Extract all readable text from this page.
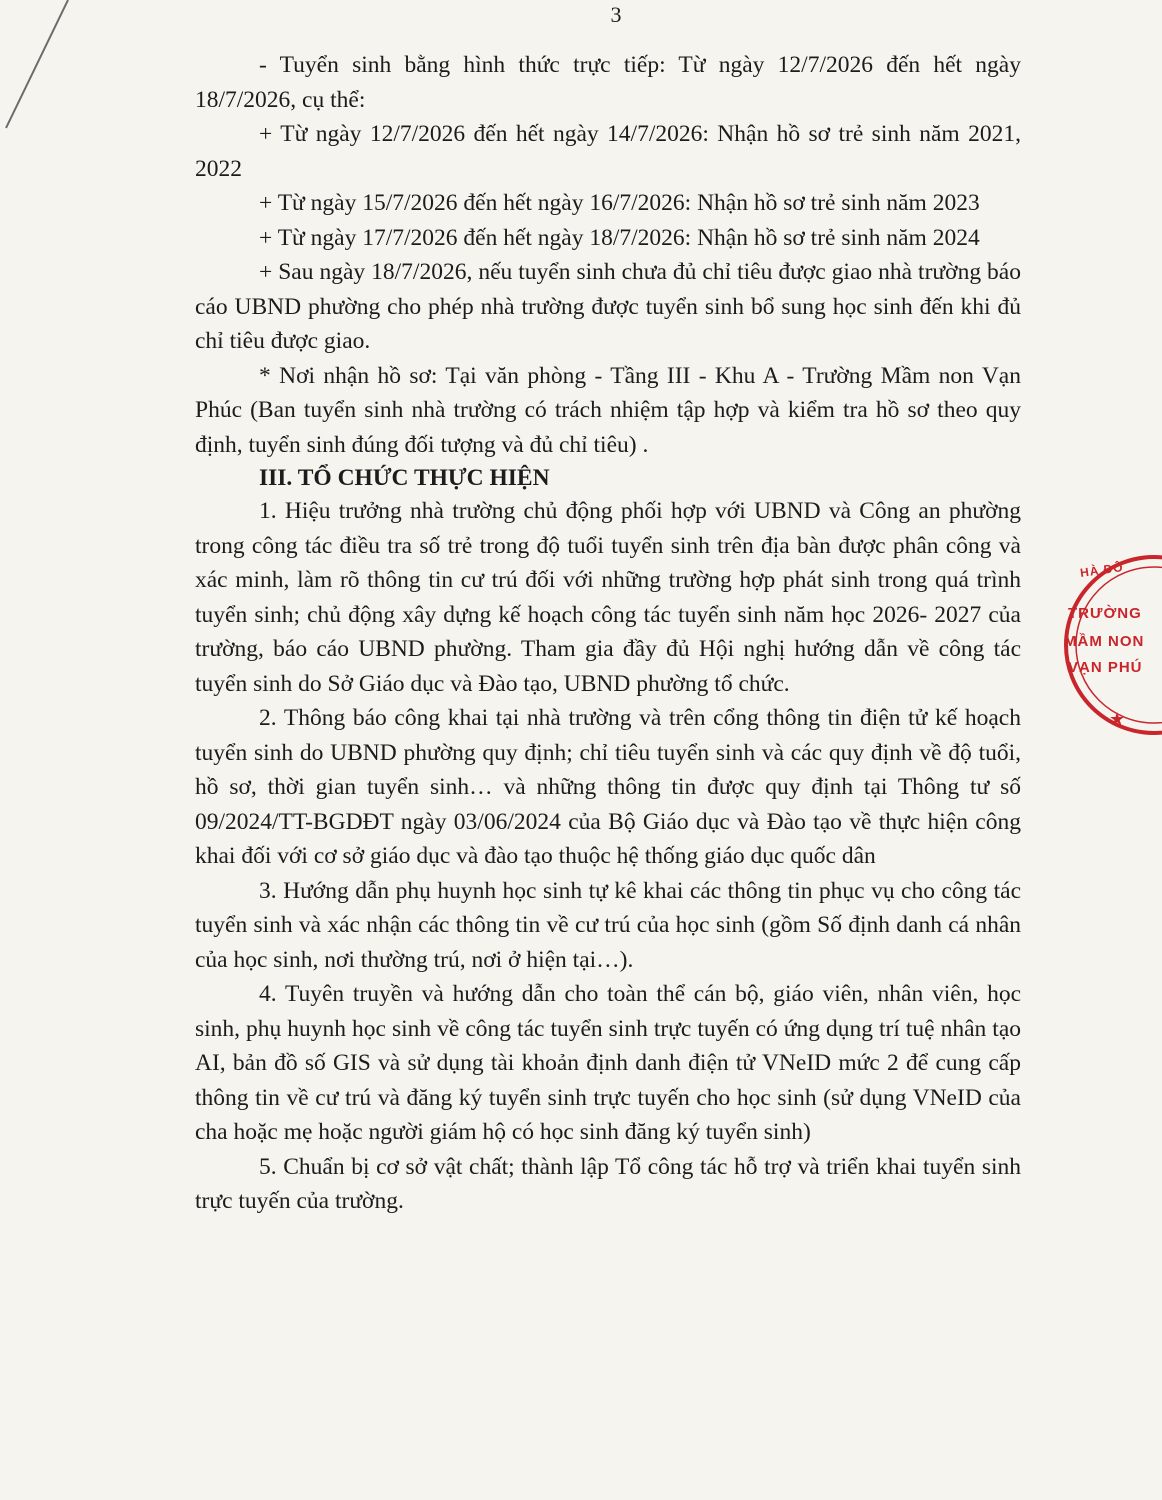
3

- Tuyển sinh bằng hình thức trực tiếp: Từ ngày 12/7/2026 đến hết ngày 18/7/2026, cụ thể:

+ Từ ngày 12/7/2026 đến hết ngày 14/7/2026: Nhận hồ sơ trẻ sinh năm 2021, 2022

+ Từ ngày 15/7/2026 đến hết ngày 16/7/2026: Nhận hồ sơ trẻ sinh năm 2023

+ Từ ngày 17/7/2026 đến hết ngày 18/7/2026: Nhận hồ sơ trẻ sinh năm 2024

+ Sau ngày 18/7/2026, nếu tuyển sinh chưa đủ chỉ tiêu được giao nhà trường báo cáo UBND phường cho phép nhà trường được tuyển sinh bổ sung học sinh đến khi đủ chỉ tiêu được giao.

* Nơi nhận hồ sơ: Tại văn phòng - Tầng III - Khu A - Trường Mầm non Vạn Phúc (Ban tuyển sinh nhà trường có trách nhiệm tập hợp và kiểm tra hồ sơ theo quy định, tuyển sinh đúng đối tượng và đủ chỉ tiêu) .

III. TỔ CHỨC THỰC HIỆN

1. Hiệu trưởng nhà trường chủ động phối hợp với UBND và Công an phường trong công tác điều tra số trẻ trong độ tuổi tuyển sinh trên địa bàn được phân công và xác minh, làm rõ thông tin cư trú đối với những trường hợp phát sinh trong quá trình tuyển sinh; chủ động xây dựng kế hoạch công tác tuyển sinh năm học 2026- 2027 của trường, báo cáo UBND phường. Tham gia đầy đủ Hội nghị hướng dẫn về công tác tuyển sinh do Sở Giáo dục và Đào tạo, UBND phường tổ chức.

2. Thông báo công khai tại nhà trường và trên cổng thông tin điện tử kế hoạch tuyển sinh do UBND phường quy định; chỉ tiêu tuyển sinh và các quy định về độ tuổi, hồ sơ, thời gian tuyển sinh… và những thông tin được quy định tại Thông tư số 09/2024/TT-BGDĐT ngày 03/06/2024 của Bộ Giáo dục và Đào tạo về thực hiện công khai đối với cơ sở giáo dục và đào tạo thuộc hệ thống giáo dục quốc dân

3. Hướng dẫn phụ huynh học sinh tự kê khai các thông tin phục vụ cho công tác tuyển sinh và xác nhận các thông tin về cư trú của học sinh (gồm Số định danh cá nhân của học sinh, nơi thường trú, nơi ở hiện tại…).

4. Tuyên truyền và hướng dẫn cho toàn thể cán bộ, giáo viên, nhân viên, học sinh, phụ huynh học sinh về công tác tuyển sinh trực tuyến có ứng dụng trí tuệ nhân tạo AI, bản đồ số GIS và sử dụng tài khoản định danh điện tử VNeID mức 2 để cung cấp thông tin về cư trú và đăng ký tuyển sinh trực tuyến cho học sinh (sử dụng VNeID của cha hoặc mẹ hoặc người giám hộ có học sinh đăng ký tuyển sinh)

5. Chuẩn bị cơ sở vật chất; thành lập Tổ công tác hỗ trợ và triển khai tuyển sinh trực tuyến của trường.

★
HÀ ĐÔ
TRƯỜNG
MẦM NON
VẠN PHÚ
